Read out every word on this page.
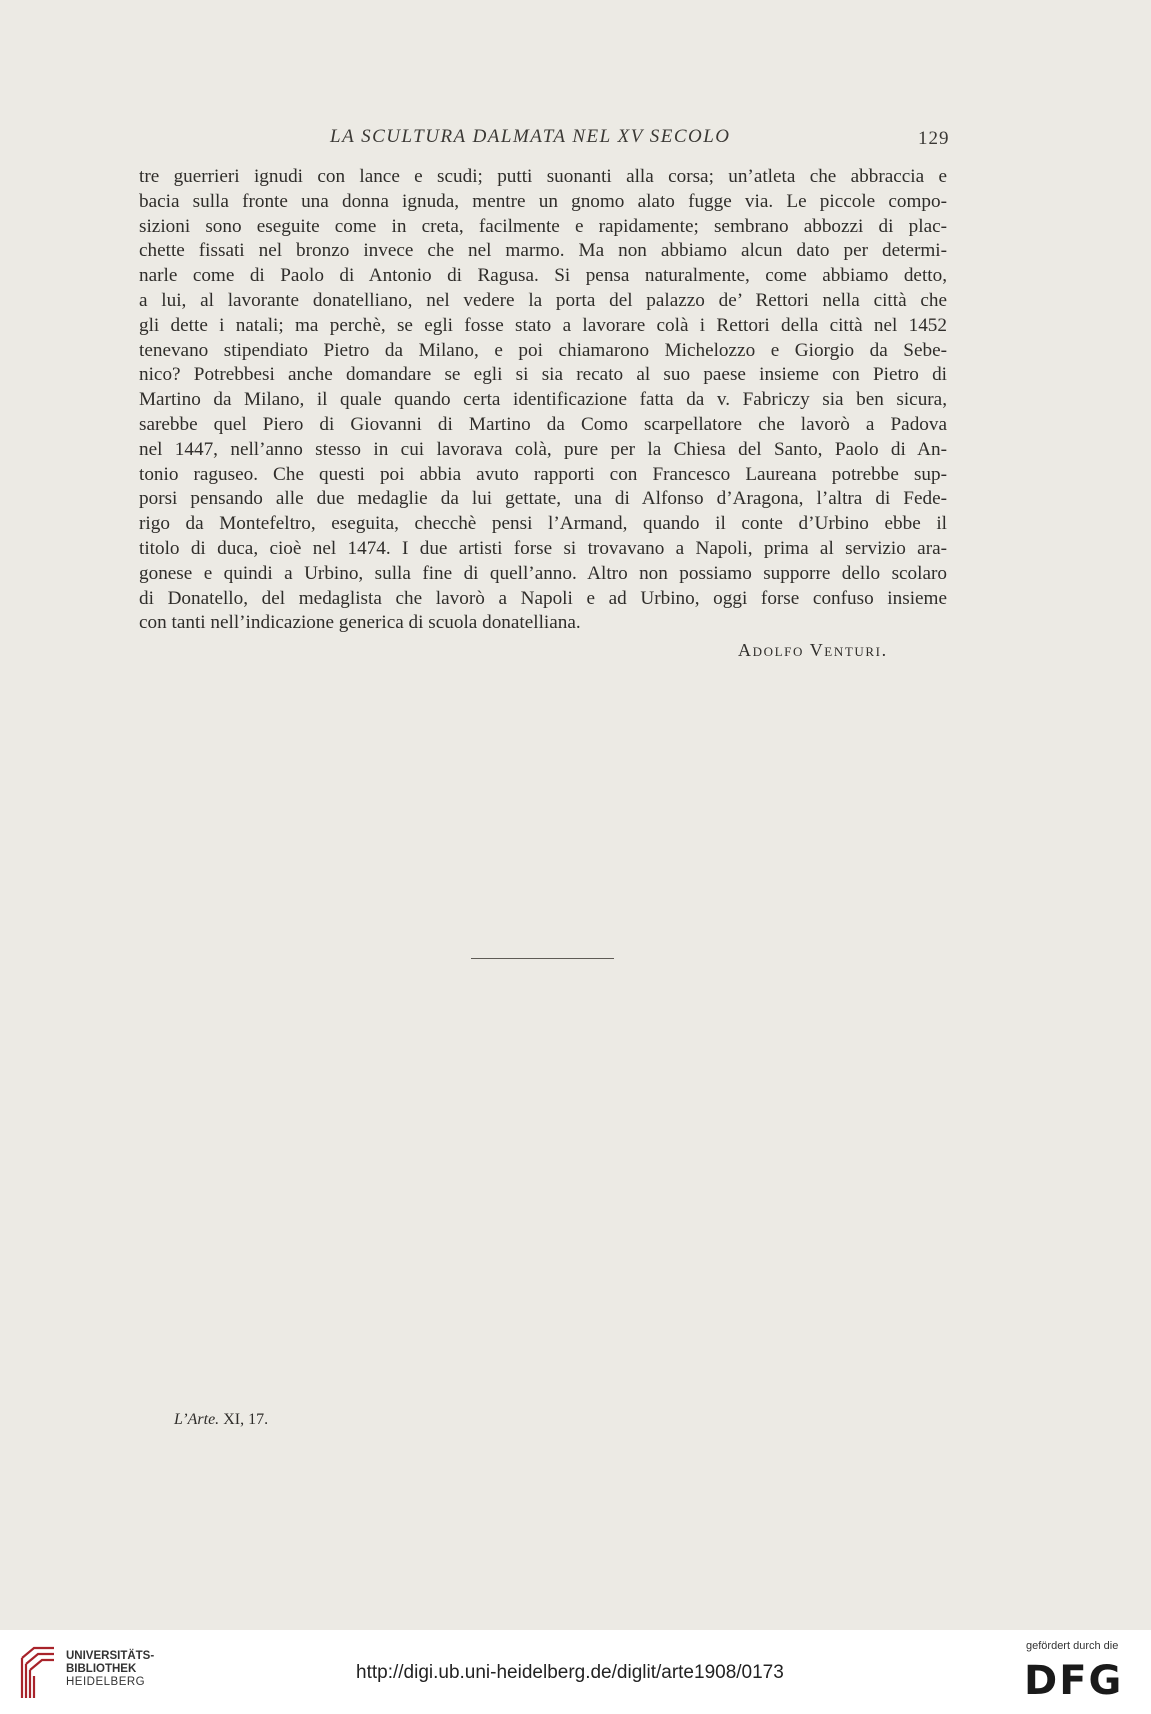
LA SCULTURA DALMATA NEL XV SECOLO	129
tre guerrieri ignudi con lance e scudi; putti suonanti alla corsa; un’atleta che abbraccia e
bacia sulla fronte una donna ignuda, mentre un gnomo alato fugge via. Le piccole compo-
sizioni sono eseguite come in creta, facilmente e rapidamente; sembrano abbozzi di plac-
chette fissati nel bronzo invece che nel marmo. Ma non abbiamo alcun dato per determi-
narle come di Paolo di Antonio di Ragusa. Si pensa naturalmente, come abbiamo detto,
a lui, al lavorante donatelliano, nel vedere la porta del palazzo de’ Rettori nella città che
gli dette i natali; ma perchè, se egli fosse stato a lavorare colà i Rettori della città nel 1452
tenevano stipendiato Pietro da Milano, e poi chiamarono Michelozzo e Giorgio da Sebe-
nico? Potrebbesi anche domandare se egli si sia recato al suo paese insieme con Pietro di
Martino da Milano, il quale quando certa identificazione fatta da v. Fabriczy sia ben sicura,
sarebbe quel Piero di Giovanni di Martino da Como scarpellatore che lavorò a Padova
nel 1447, nell’anno stesso in cui lavorava colà, pure per la Chiesa del Santo, Paolo di An-
tonio raguseo. Che questi poi abbia avuto rapporti con Francesco Laureana potrebbe sup-
porsi pensando alle due medaglie da lui gettate, una di Alfonso d’Aragona, l’altra di Fede-
rigo da Montefeltro, eseguita, checchè pensi l’Armand, quando il conte d’Urbino ebbe il
titolo di duca, cioè nel 1474. I due artisti forse si trovavano a Napoli, prima al servizio ara-
gonese e quindi a Urbino, sulla fine di quell’anno. Altro non possiamo supporre dello scolaro
di Donatello, del medaglista che lavorò a Napoli e ad Urbino, oggi forse confuso insieme
con tanti nell’indicazione generica di scuola donatelliana.
Adolfo Venturi.
L’Arte. XI, 17.
UNIVERSITÄTS-
BIBLIOTHEK
HEIDELBERG	http://digi.ub.uni-heidelberg.de/diglit/arte1908/0173
gefördert durch die
DFG
